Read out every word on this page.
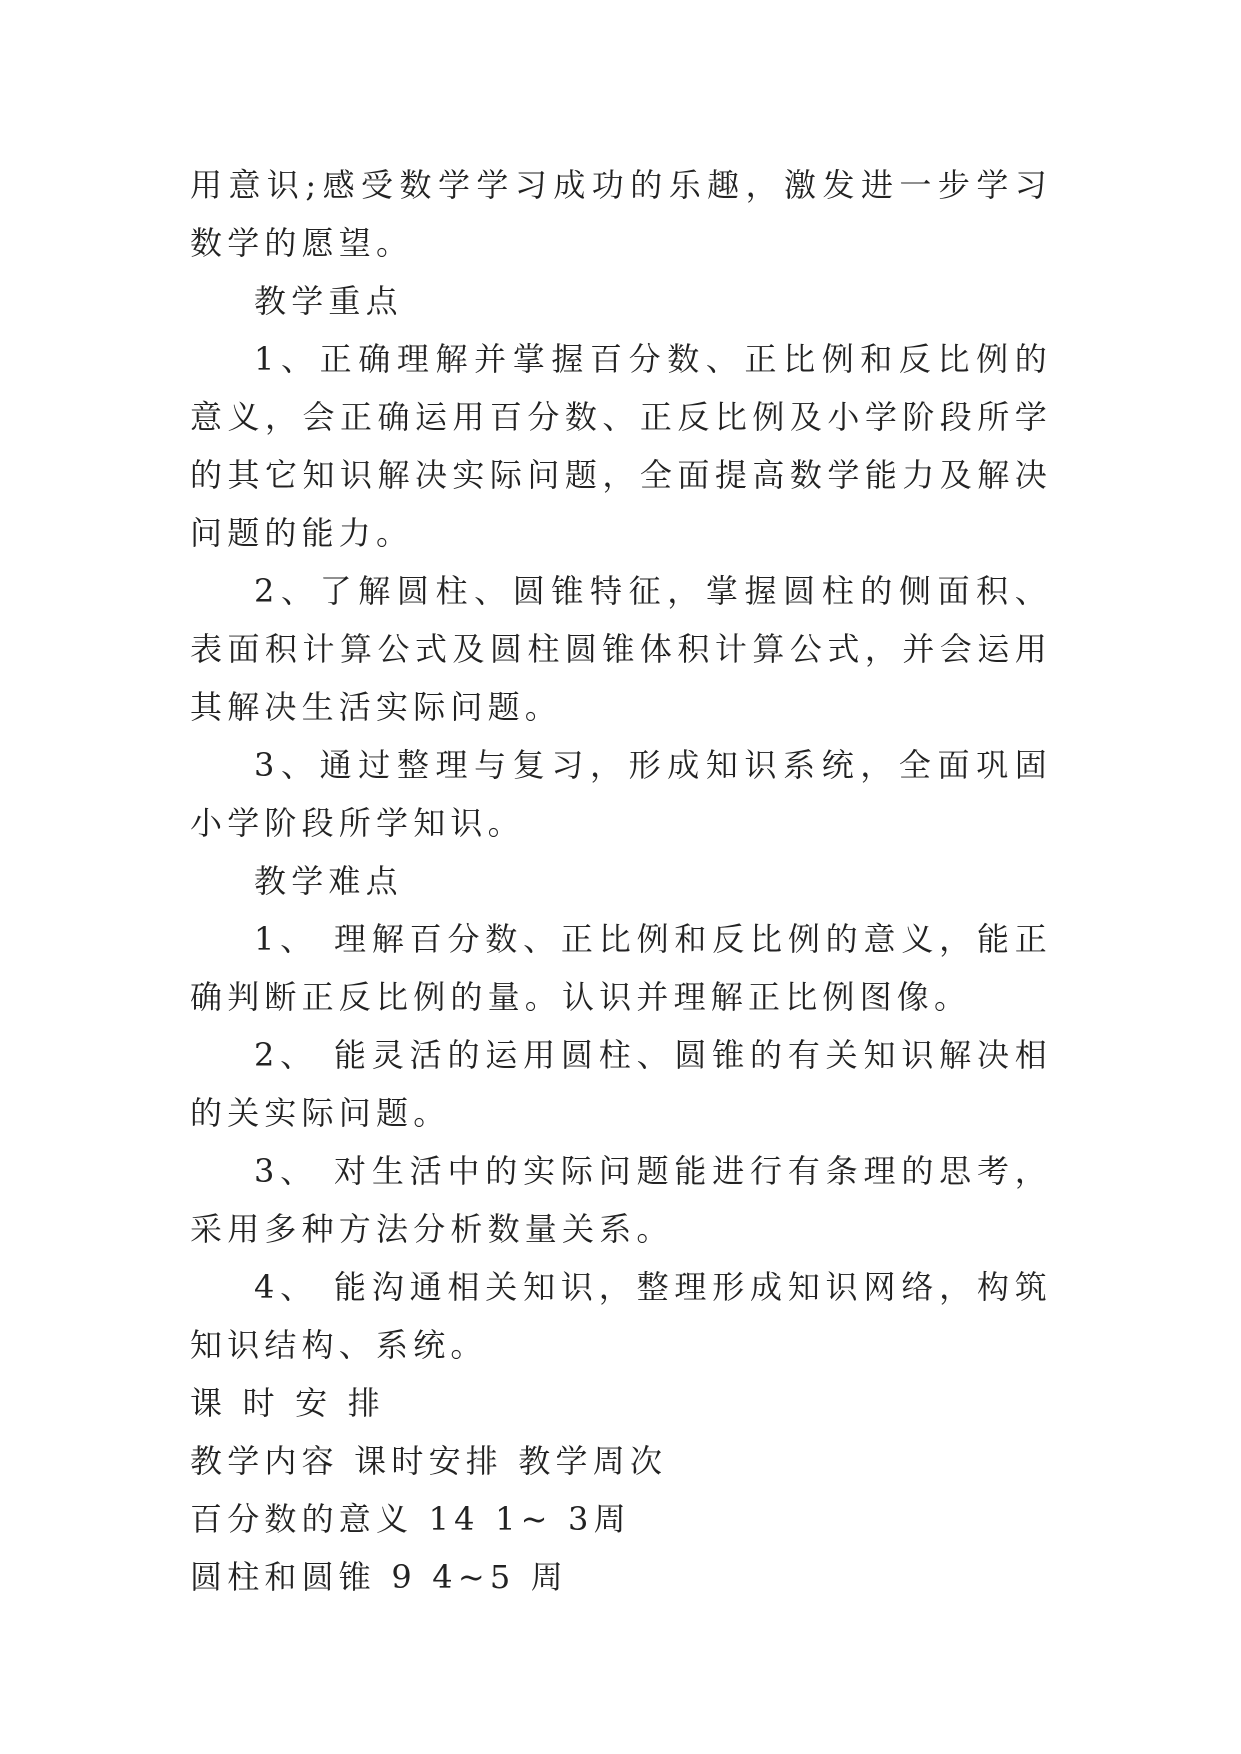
用意识;感受数学学习成功的乐趣，激发进一步学习数学的愿望。

教学重点

1、正确理解并掌握百分数、正比例和反比例的意义，会正确运用百分数、正反比例及小学阶段所学的其它知识解决实际问题，全面提高数学能力及解决问题的能力。

2、了解圆柱、圆锥特征，掌握圆柱的侧面积、表面积计算公式及圆柱圆锥体积计算公式，并会运用其解决生活实际问题。

3、通过整理与复习，形成知识系统，全面巩固小学阶段所学知识。

教学难点

1、 理解百分数、正比例和反比例的意义，能正确判断正反比例的量。认识并理解正比例图像。

2、 能灵活的运用圆柱、圆锥的有关知识解决相的关实际问题。

3、 对生活中的实际问题能进行有条理的思考，采用多种方法分析数量关系。

4、 能沟通相关知识，整理形成知识网络，构筑知识结构、系统。

课 时 安 排

教学内容 课时安排 教学周次

百分数的意义 14 1~ 3周

圆柱和圆锥 9 4~5 周
